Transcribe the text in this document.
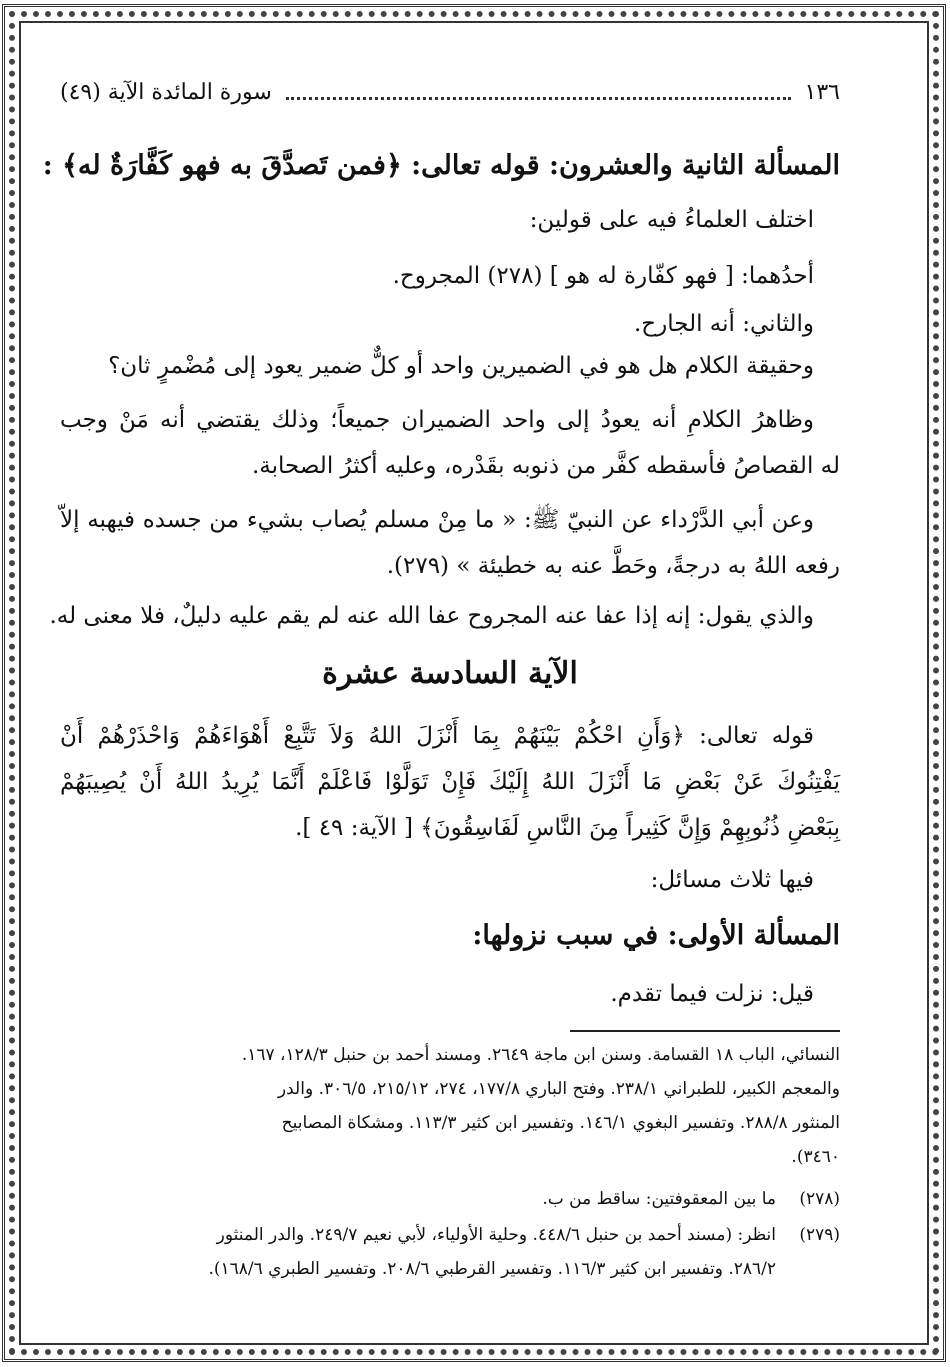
١٣٦
سورة المائدة الآية (٤٩)
المسألة الثانية والعشرون: قوله تعالى: ﴿فمن تَصدَّقَ به فهو كَفَّارَةٌ له﴾ :
اختلف العلماءُ فيه على قولين:
أحدُهما: [ فهو كفّارة له هو ] (٢٧٨) المجروح.
والثاني: أنه الجارح.
وحقيقة الكلام هل هو في الضميرين واحد أو كلٌّ ضمير يعود إلى مُضْمرٍ ثان؟
وظاهرُ الكلامِ أنه يعودُ إلى واحد الضميران جميعاً؛ وذلك يقتضي أنه مَنْ وجب
له القصاصُ فأسقطه كفَّر من ذنوبه بقَدْره، وعليه أكثرُ الصحابة.
وعن أبي الدَّرْداء عن النبيّ ﷺ: « ما مِنْ مسلم يُصاب بشيء من جسده فيهبه إلاّ
رفعه اللهُ به درجةً، وحَطَّ عنه به خطيئة » (٢٧٩).
والذي يقول: إنه إذا عفا عنه المجروح عفا الله عنه لم يقم عليه دليلٌ، فلا معنى له.
الآية السادسة عشرة
قوله تعالى: ﴿وَأَنِ احْكُمْ بَيْنَهُمْ بِمَا أَنْزَلَ اللهُ وَلاَ تَتَّبِعْ أَهْوَاءَهُمْ وَاحْذَرْهُمْ أَنْ
يَفْتِنُوكَ عَنْ بَعْضِ مَا أَنْزَلَ اللهُ إِلَيْكَ فَإِنْ تَوَلَّوْا فَاعْلَمْ أَنَّمَا يُرِيدُ اللهُ أَنْ يُصِيبَهُمْ
بِبَعْضِ ذُنُوبِهِمْ وَإِنَّ كَثِيراً مِنَ النَّاسِ لَفَاسِقُونَ﴾ [ الآية: ٤٩ ].
فيها ثلاث مسائل:
المسألة الأولى: في سبب نزولها:
قيل: نزلت فيما تقدم.
النسائي، الباب ١٨ القسامة. وسنن ابن ماجة ٢٦٤٩. ومسند أحمد بن حنبل ١٢٨/٣، ١٦٧.
والمعجم الكبير، للطبراني ٢٣٨/١. وفتح الباري ١٧٧/٨، ٢٧٤، ٢١٥/١٢، ٣٠٦/٥. والدر
المنثور ٢٨٨/٨. وتفسير البغوي ١٤٦/١. وتفسير ابن كثير ١١٣/٣. ومشكاة المصابيح
٣٤٦٠).
(٢٧٨)ما بين المعقوفتين: ساقط من ب.
(٢٧٩)انظر: (مسند أحمد بن حنبل ٤٤٨/٦. وحلية الأولياء، لأبي نعيم ٢٤٩/٧. والدر المنثور
٢٨٦/٢. وتفسير ابن كثير ١١٦/٣. وتفسير القرطبي ٢٠٨/٦. وتفسير الطبري ١٦٨/٦).
